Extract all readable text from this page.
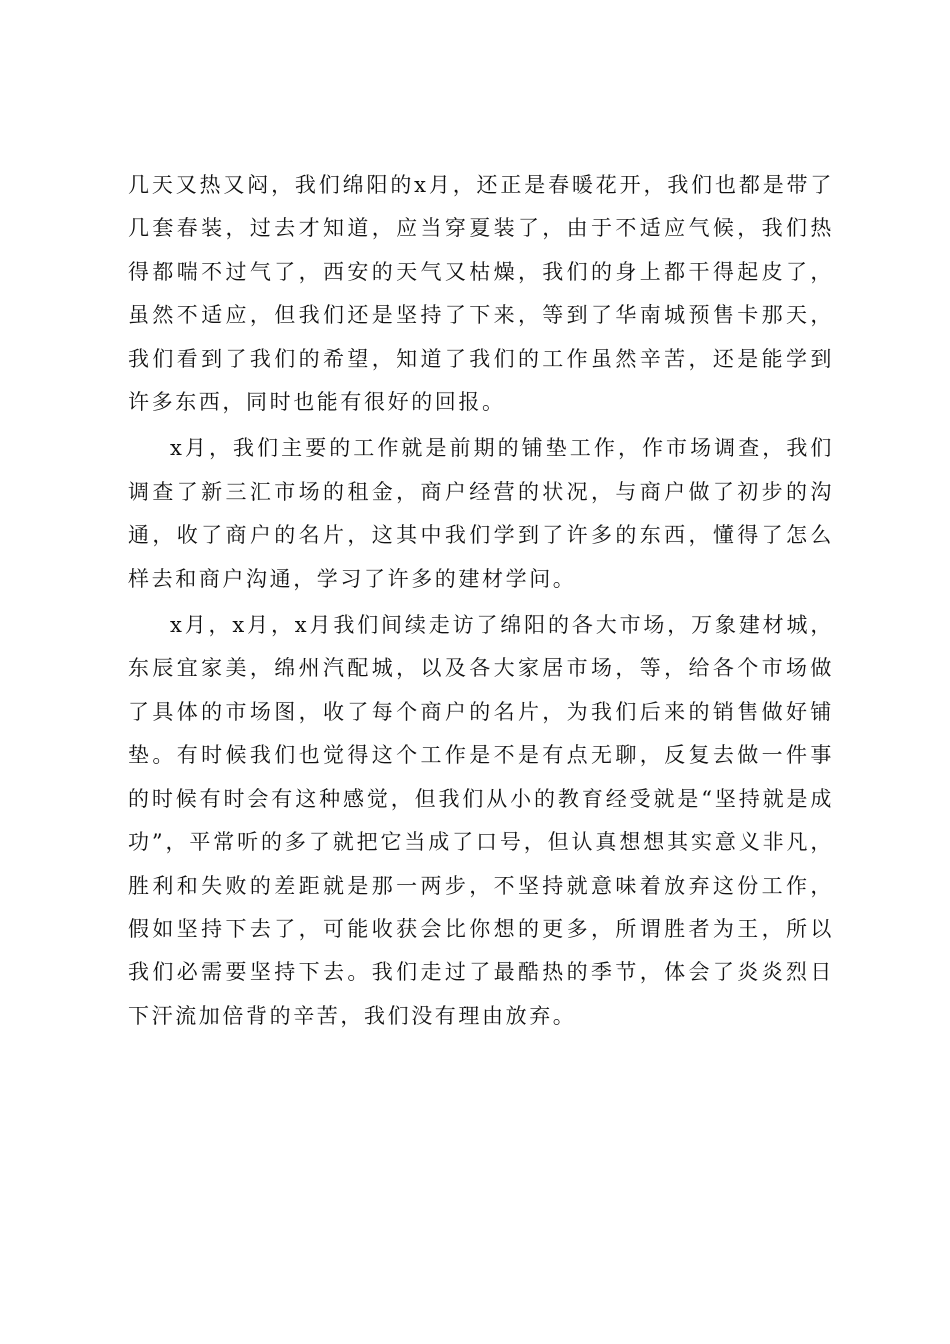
几天又热又闷，我们绵阳的x月，还正是春暖花开，我们也都是带了几套春装，过去才知道，应当穿夏装了，由于不适应气候，我们热得都喘不过气了，西安的天气又枯燥，我们的身上都干得起皮了，虽然不适应，但我们还是坚持了下来，等到了华南城预售卡那天，我们看到了我们的希望，知道了我们的工作虽然辛苦，还是能学到许多东西，同时也能有很好的回报。

x月，我们主要的工作就是前期的铺垫工作，作市场调查，我们调查了新三汇市场的租金，商户经营的状况，与商户做了初步的沟通，收了商户的名片，这其中我们学到了许多的东西，懂得了怎么样去和商户沟通，学习了许多的建材学问。

x月，x月，x月我们间续走访了绵阳的各大市场，万象建材城，东辰宜家美，绵州汽配城，以及各大家居市场，等，给各个市场做了具体的市场图，收了每个商户的名片，为我们后来的销售做好铺垫。有时候我们也觉得这个工作是不是有点无聊，反复去做一件事的时候有时会有这种感觉，但我们从小的教育经受就是“坚持就是成功”，平常听的多了就把它当成了口号，但认真想想其实意义非凡，胜利和失败的差距就是那一两步，不坚持就意味着放弃这份工作，假如坚持下去了，可能收获会比你想的更多，所谓胜者为王，所以我们必需要坚持下去。我们走过了最酷热的季节，体会了炎炎烈日下汗流加倍背的辛苦，我们没有理由放弃。
